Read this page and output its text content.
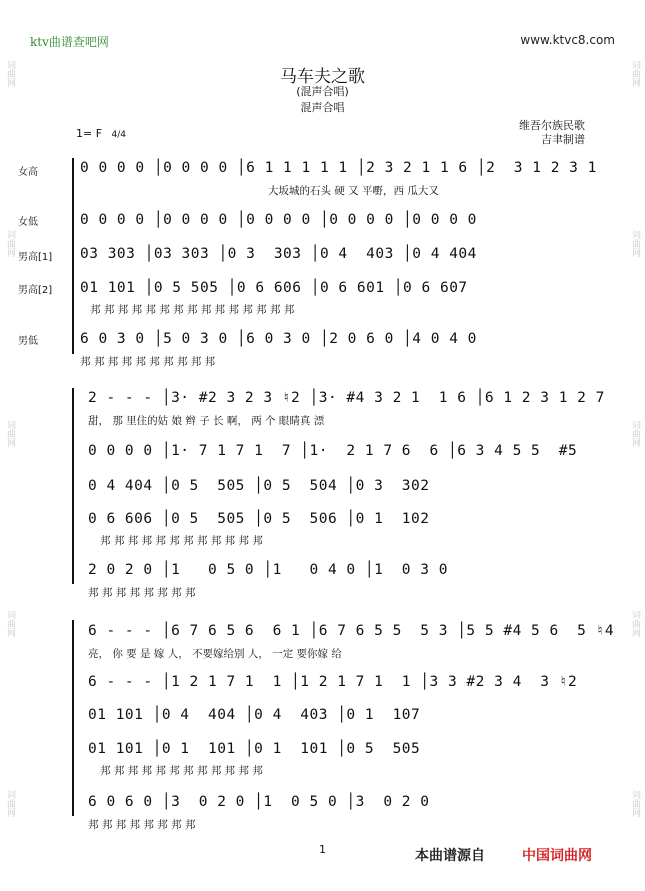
ktv曲谱查吧网	www.ktvc8.com
词曲网
词曲网
词曲网
词曲网
词曲网
词曲网
词曲网
词曲网
词曲网
词曲网
马车夫之歌
(混声合唱)
混声合唱
维吾尔族民歌
吉聿制谱
1= F 4/4
女高
女低
男高[1]
男高[2]
男低
0 0 0 0 │0 0 0 0 │6 1 1 1 1 1 │2 3 2 1 1 6 │2  3 1 2 3 1
大坂城的石头 硬 又 平嘢，西 瓜大又
0 0 0 0 │0 0 0 0 │0 0 0 0 │0 0 0 0 │0 0 0 0
03 303 │03 303 │0 3  303 │0 4  403 │0 4 404
01 101 │0 5 505 │0 6 606 │0 6 601 │0 6 607
邦 邦 邦 邦 邦 邦 邦 邦 邦 邦 邦 邦 邦 邦 邦
6 0 3 0 │5 0 3 0 │6 0 3 0 │2 0 6 0 │4 0 4 0
邦 邦 邦 邦 邦 邦 邦 邦 邦 邦
2 - - - │3· #2 3 2 3 ♮2 │3· #4 3 2 1  1 6 │6 1 2 3 1 2 7
甜， 那 里住的姑 娘 辫 子 长 啊， 两 个 眼睛真 漂
0 0 0 0 │1· 7 1 7 1  7 │1·  2 1 7 6  6 │6 3 4 5 5  #5
0 4 404 │0 5  505 │0 5  504 │0 3  302
0 6 606 │0 5  505 │0 5  506 │0 1  102
邦 邦 邦 邦 邦 邦 邦 邦 邦 邦 邦 邦
2 0 2 0 │1   0 5 0 │1   0 4 0 │1  0 3 0
邦 邦 邦 邦 邦 邦 邦 邦
6 - - - │6 7 6 5 6  6 1 │6 7 6 5 5  5 3 │5 5 #4 5 6  5 ♮4
亮， 你 要 是 嫁 人， 不要嫁给别 人， 一定 要你嫁 给
6 - - - │1 2 1 7 1  1 │1 2 1 7 1  1 │3 3 #2 3 4  3 ♮2
01 101 │0 4  404 │0 4  403 │0 1  107
01 101 │0 1  101 │0 1  101 │0 5  505
邦 邦 邦 邦 邦 邦 邦 邦 邦 邦 邦 邦
6 0 6 0 │3  0 2 0 │1  0 5 0 │3  0 2 0
邦 邦 邦 邦 邦 邦 邦 邦
1	本曲谱源自	中国词曲网
